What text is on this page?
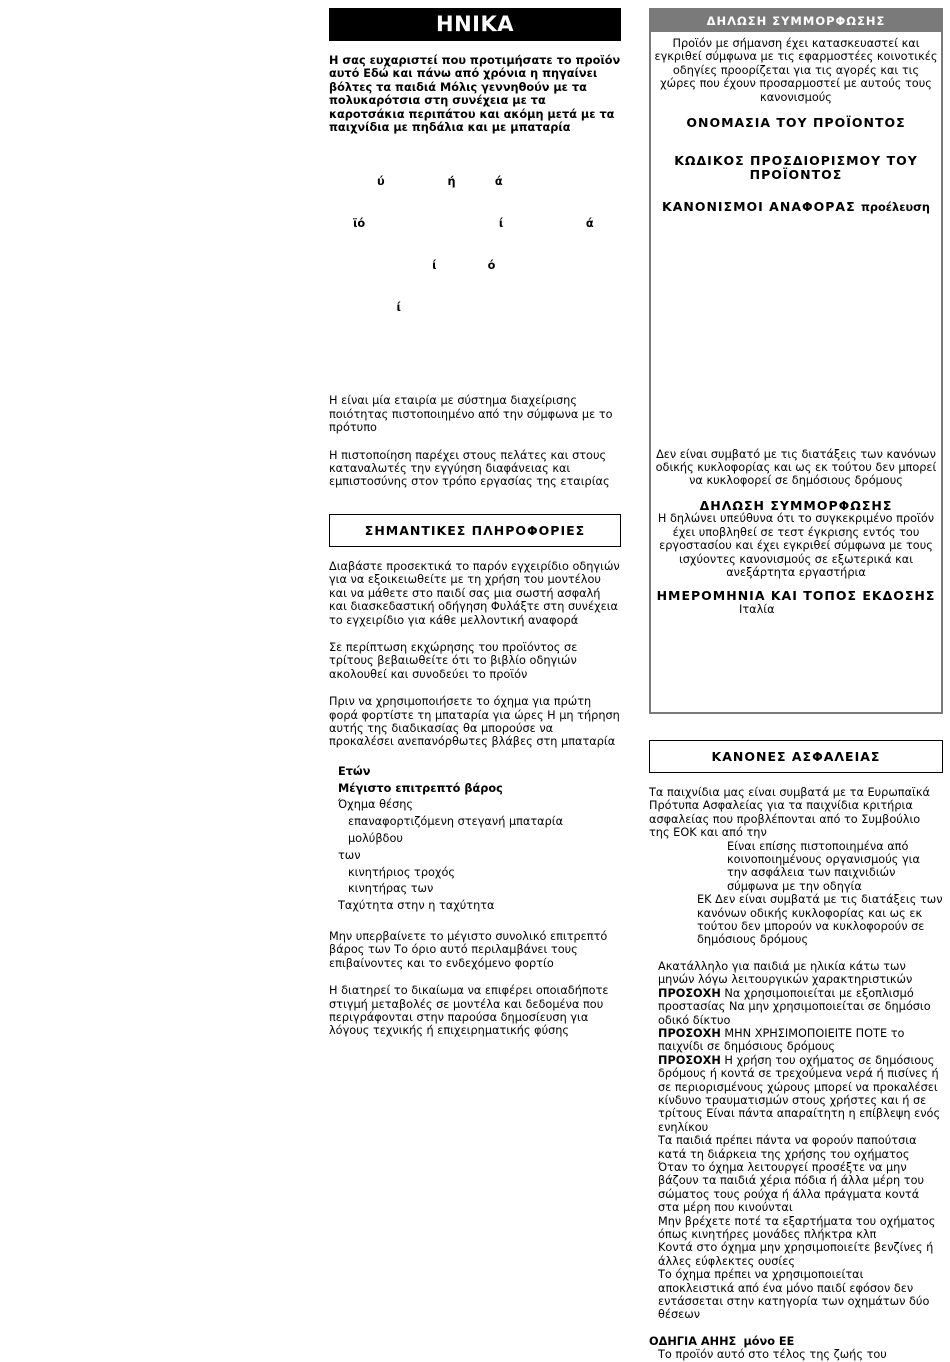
ΗΝΙΚΑ

Η σας ευχαριστεί που προτιμήσατε το προϊόν αυτό Εδώ και πάνω από χρόνια η πηγαίνει βόλτες τα παιδιά Μόλις γεννηθούν με τα πολυκαρότσια στη συνέχεια με τα καροτσάκια περιπάτου και ακόμη μετά με τα παιχνίδια με πηδάλια και με μπαταρία

ύ                ή          ά

ϊό                                  ί                     ά

ί             ό

ί

Η είναι μία εταιρία με σύστημα διαχείρισης ποιότητας πιστοποιημένο από την σύμφωνα με το πρότυπο

Η πιστοποίηση παρέχει στους πελάτες και στους καταναλωτές την εγγύηση διαφάνειας και εμπιστοσύνης στον τρόπο εργασίας της εταιρίας

ΣΗΜΑΝΤΙΚΕΣ ΠΛΗΡΟΦΟΡΙΕΣ

Διαβάστε προσεκτικά το παρόν εγχειρίδιο οδηγιών για να εξοικειωθείτε με τη χρήση του μοντέλου και να μάθετε στο παιδί σας μια σωστή ασφαλή και διασκεδαστική οδήγηση Φυλάξτε στη συνέχεια το εγχειρίδιο για κάθε μελλοντική αναφορά

Σε περίπτωση εκχώρησης του προϊόντος σε τρίτους βεβαιωθείτε ότι το βιβλίο οδηγιών ακολουθεί και συνοδεύει το προϊόν

Πριν να χρησιμοποιήσετε το όχημα για πρώτη φορά φορτίστε τη μπαταρία για ώρες Η μη τήρηση αυτής της διαδικασίας θα μπορούσε να προκαλέσει ανεπανόρθωτες βλάβες στη μπαταρία

Ετών
Μέγιστο επιτρεπτό βάρος
Όχημα θέσης
επαναφορτιζόμενη στεγανή μπαταρία μολύβδου
των
κινητήριος τροχός
κινητήρας των
Ταχύτητα στην η ταχύτητα

Μην υπερβαίνετε το μέγιστο συνολικό επιτρεπτό βάρος των Το όριο αυτό περιλαμβάνει τους επιβαίνοντες και το ενδεχόμενο φορτίο

Η διατηρεί το δικαίωμα να επιφέρει οποιαδήποτε στιγμή μεταβολές σε μοντέλα και δεδομένα που περιγράφονται στην παρούσα δημοσίευση για λόγους τεχνικής ή επιχειρηματικής φύσης

ΔΗΛΩΣΗ ΣΥΜΜΟΡΦΩΣΗΣ

Προϊόν με σήμανση έχει κατασκευαστεί και εγκριθεί σύμφωνα με τις εφαρμοστέες κοινοτικές οδηγίες προορίζεται για τις αγορές και τις χώρες που έχουν προσαρμοστεί με αυτούς τους κανονισμούς

ΟΝΟΜΑΣΙΑ ΤΟΥ ΠΡΟΪΟΝΤΟΣ
ΚΩΔΙΚΟΣ ΠΡΟΣΔΙΟΡΙΣΜΟΥ ΤΟΥ ΠΡΟΪΟΝΤΟΣ
ΚΑΝΟΝΙΣΜΟΙ ΑΝΑΦΟΡΑΣ προέλευση

Δεν είναι συμβατό με τις διατάξεις των κανόνων οδικής κυκλοφορίας και ως εκ τούτου δεν μπορεί να κυκλοφορεί σε δημόσιους δρόμους

ΔΗΛΩΣΗ ΣΥΜΜΟΡΦΩΣΗΣ

Η δηλώνει υπεύθυνα ότι το συγκεκριμένο προϊόν έχει υποβληθεί σε τεστ έγκρισης εντός του εργοστασίου και έχει εγκριθεί σύμφωνα με τους ισχύοντες κανονισμούς σε εξωτερικά και ανεξάρτητα εργαστήρια

ΗΜΕΡΟΜΗΝΙΑ ΚΑΙ ΤΟΠΟΣ ΕΚΔΟΣΗΣ

Ιταλία

ΚΑΝΟΝΕΣ ΑΣΦΑΛΕΙΑΣ

Τα παιχνίδια μας είναι συμβατά με τα Ευρωπαϊκά Πρότυπα Ασφαλείας για τα παιχνίδια κριτήρια ασφαλείας που προβλέπονται από το Συμβούλιο της ΕΟΚ και από την

Είναι επίσης πιστοποιημένα από κοινοποιημένους οργανισμούς για την ασφάλεια των παιχνιδιών σύμφωνα με την οδηγία

ΕΚ Δεν είναι συμβατά με τις διατάξεις των κανόνων οδικής κυκλοφορίας και ως εκ τούτου δεν μπορούν να κυκλοφορούν σε δημόσιους δρόμους

Ακατάλληλο για παιδιά με ηλικία κάτω των μηνών λόγω λειτουργικών χαρακτηριστικών
ΠΡΟΣΟΧΗ Να χρησιμοποιείται με εξοπλισμό προστασίας Να μην χρησιμοποιείται σε δημόσιο οδικό δίκτυο
ΠΡΟΣΟΧΗ ΜΗΝ ΧΡΗΣΙΜΟΠΟΙΕΙΤΕ ΠΟΤΕ το παιχνίδι σε δημόσιους δρόμους
ΠΡΟΣΟΧΗ Η χρήση του οχήματος σε δημόσιους δρόμους ή κοντά σε τρεχούμενα νερά ή πισίνες ή σε περιορισμένους χώρους μπορεί να προκαλέσει κίνδυνο τραυματισμών στους χρήστες και ή σε τρίτους Είναι πάντα απαραίτητη η επίβλεψη ενός ενηλίκου
Τα παιδιά πρέπει πάντα να φορούν παπούτσια κατά τη διάρκεια της χρήσης του οχήματος
Όταν το όχημα λειτουργεί προσέξτε να μην βάζουν τα παιδιά χέρια πόδια ή άλλα μέρη του σώματος τους ρούχα ή άλλα πράγματα κοντά στα μέρη που κινούνται
Μην βρέχετε ποτέ τα εξαρτήματα του οχήματος όπως κινητήρες μονάδες πλήκτρα κλπ
Κοντά στο όχημα μην χρησιμοποιείτε βενζίνες ή άλλες εύφλεκτες ουσίες
Το όχημα πρέπει να χρησιμοποιείται αποκλειστικά από ένα μόνο παιδί εφόσον δεν εντάσσεται στην κατηγορία των οχημάτων δύο θέσεων
ΟΔΗΓΙΑ ΑΗΗΣ μόνο ΕΕ
Το προϊόν αυτό στο τέλος της ζωής του
